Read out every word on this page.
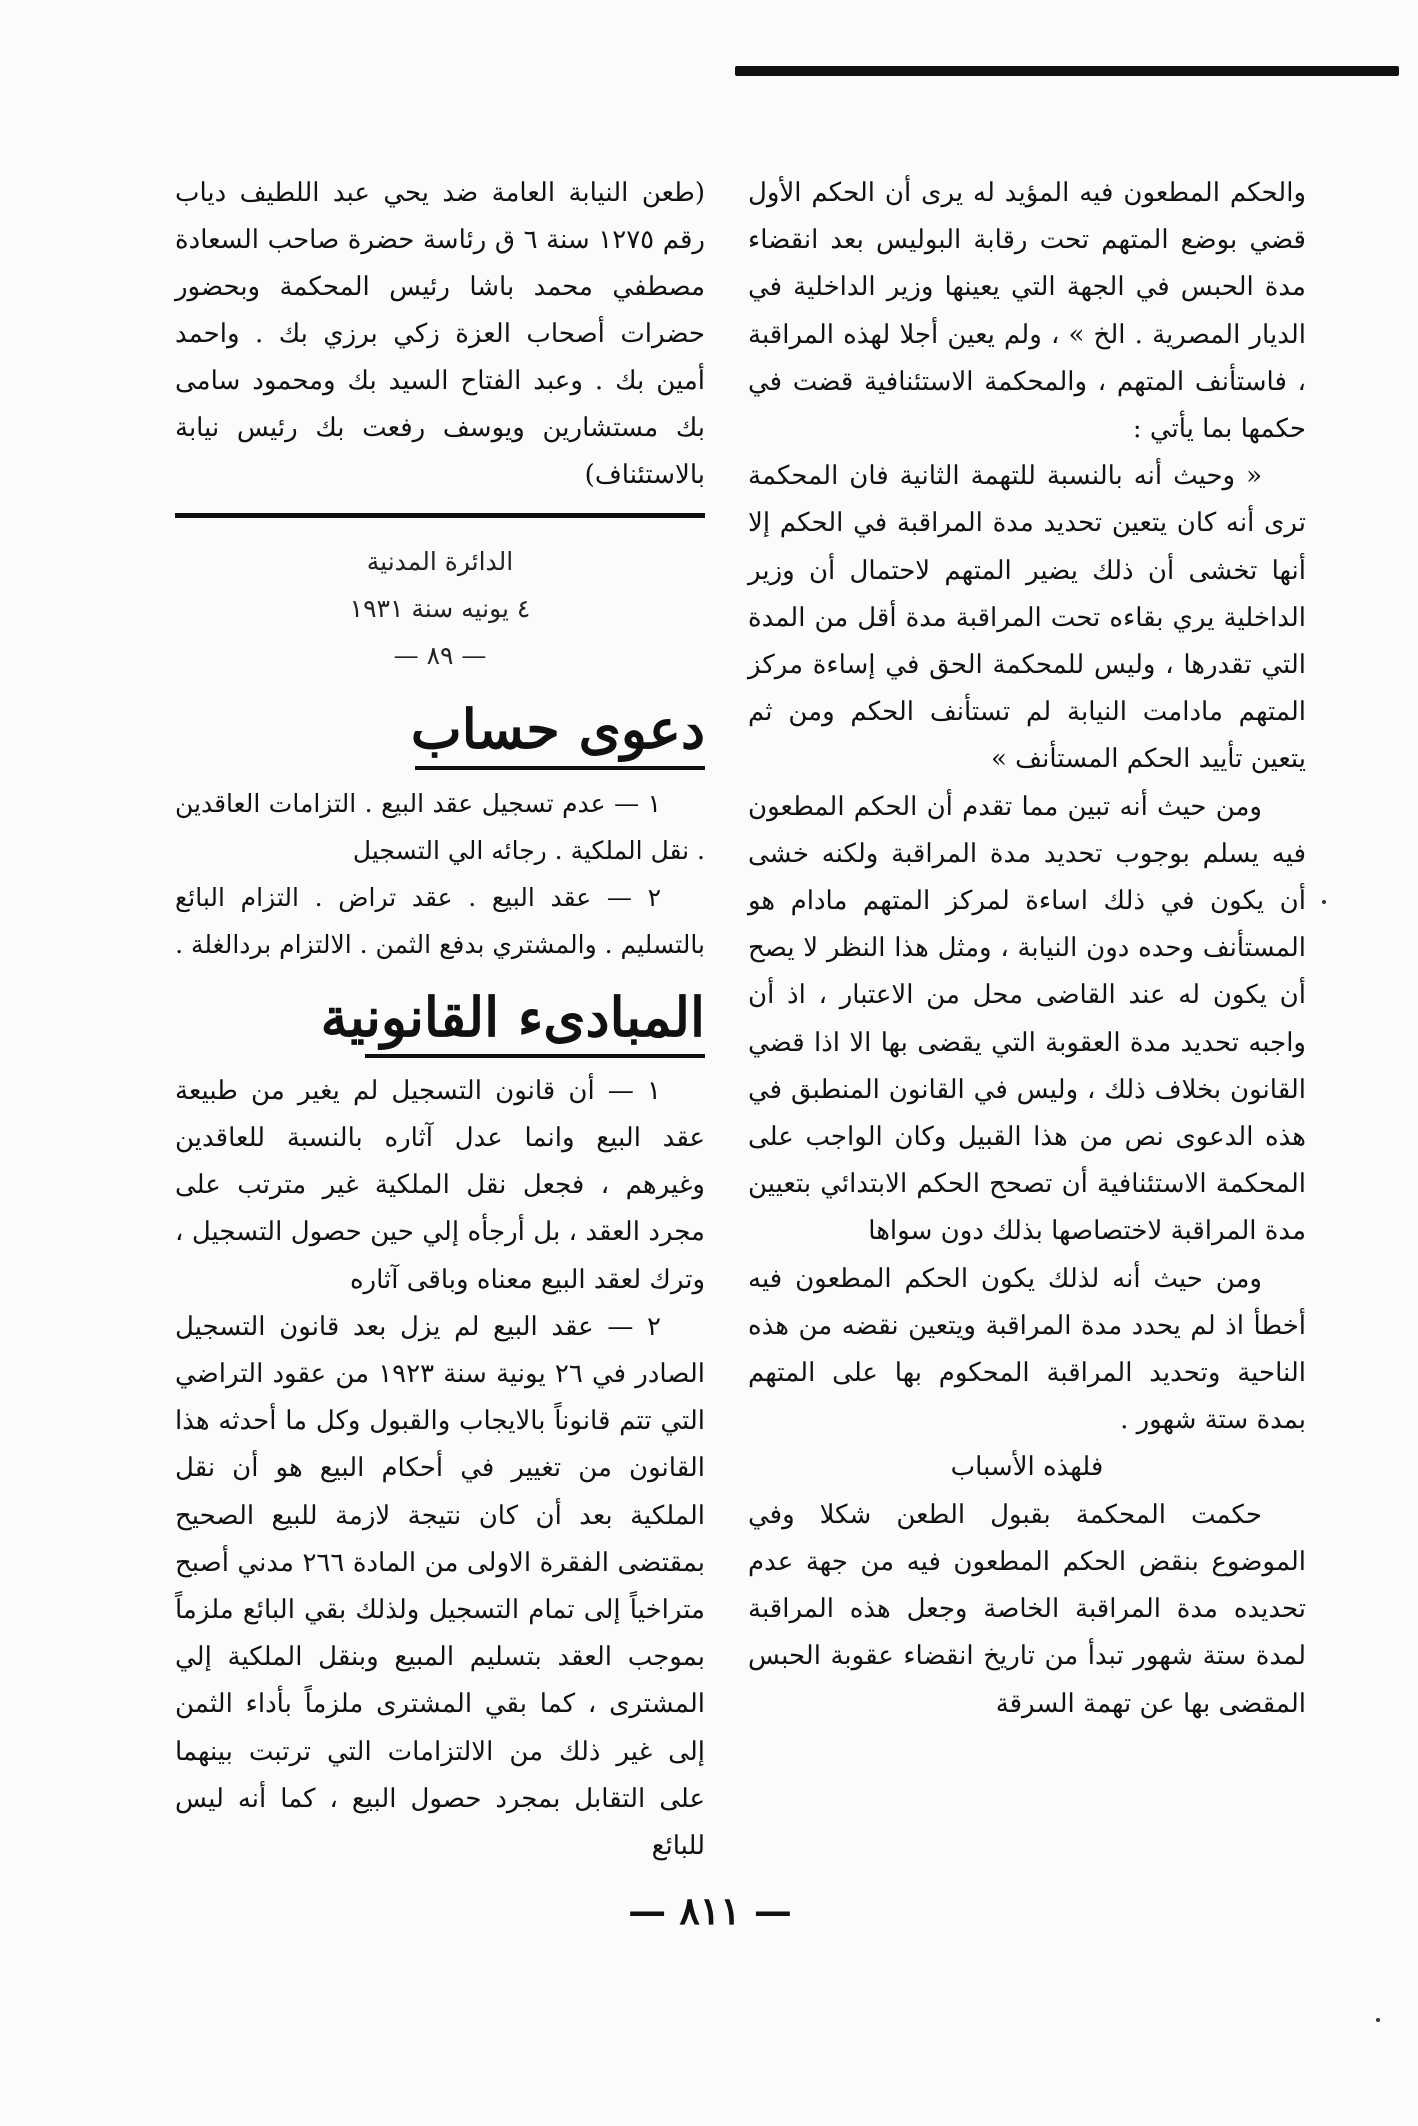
والحكم المطعون فيه المؤيد له يرى أن الحكم الأول قضي بوضع المتهم تحت رقابة البوليس بعد انقضاء مدة الحبس في الجهة التي يعينها وزير الداخلية في الديار المصرية . الخ » ، ولم يعين أجلا لهذه المراقبة ، فاستأنف المتهم ، والمحكمة الاستئنافية قضت في حكمها بما يأتي :

« وحيث أنه بالنسبة للتهمة الثانية فان المحكمة ترى أنه كان يتعين تحديد مدة المراقبة في الحكم إلا أنها تخشى أن ذلك يضير المتهم لاحتمال أن وزير الداخلية يري بقاءه تحت المراقبة مدة أقل من المدة التي تقدرها ، وليس للمحكمة الحق في إساءة مركز المتهم مادامت النيابة لم تستأنف الحكم ومن ثم يتعين تأييد الحكم المستأنف »

ومن حيث أنه تبين مما تقدم أن الحكم المطعون فيه يسلم بوجوب تحديد مدة المراقبة ولكنه خشى أن يكون في ذلك اساءة لمركز المتهم مادام هو المستأنف وحده دون النيابة ، ومثل هذا النظر لا يصح أن يكون له عند القاضى محل من الاعتبار ، اذ أن واجبه تحديد مدة العقوبة التي يقضى بها الا اذا قضي القانون بخلاف ذلك ، وليس في القانون المنطبق في هذه الدعوى نص من هذا القبيل وكان الواجب على المحكمة الاستئنافية أن تصحح الحكم الابتدائي بتعيين مدة المراقبة لاختصاصها بذلك دون سواها

ومن حيث أنه لذلك يكون الحكم المطعون فيه أخطأ اذ لم يحدد مدة المراقبة ويتعين نقضه من هذه الناحية وتحديد المراقبة المحكوم بها على المتهم بمدة ستة شهور .

فلهذه الأسباب

حكمت المحكمة بقبول الطعن شكلا وفي الموضوع بنقض الحكم المطعون فيه من جهة عدم تحديده مدة المراقبة الخاصة وجعل هذه المراقبة لمدة ستة شهور تبدأ من تاريخ انقضاء عقوبة الحبس المقضى بها عن تهمة السرقة

(طعن النيابة العامة ضد يحي عبد اللطيف دياب رقم ١٢٧٥ سنة ٦ ق رئاسة حضرة صاحب السعادة مصطفي محمد باشا رئيس المحكمة وبحضور حضرات أصحاب العزة زكي برزي بك . واحمد أمين بك . وعبد الفتاح السيد بك ومحمود سامى بك مستشارين ويوسف رفعت بك رئيس نيابة بالاستئناف)

الدائرة المدنية

٤ يونيه سنة ١٩٣١

— ٨٩ —

دعوى حساب

١ — عدم تسجيل عقد البيع . التزامات العاقدين . نقل الملكية . رجائه الي التسجيل

٢ — عقد البيع . عقد تراض . التزام البائع بالتسليم . والمشتري بدفع الثمن . الالتزام بردالغلة .

المبادىء القانونية

١ — أن قانون التسجيل لم يغير من طبيعة عقد البيع وانما عدل آثاره بالنسبة للعاقدين وغيرهم ، فجعل نقل الملكية غير مترتب على مجرد العقد ، بل أرجأه إلي حين حصول التسجيل ، وترك لعقد البيع معناه وباقى آثاره

٢ — عقد البيع لم يزل بعد قانون التسجيل الصادر في ٢٦ يونية سنة ١٩٢٣ من عقود التراضي التي تتم قانوناً بالايجاب والقبول وكل ما أحدثه هذا القانون من تغيير في أحكام البيع هو أن نقل الملكية بعد أن كان نتيجة لازمة للبيع الصحيح بمقتضى الفقرة الاولى من المادة ٢٦٦ مدني أصبح متراخياً إلى تمام التسجيل ولذلك بقي البائع ملزماً بموجب العقد بتسليم المبيع وبنقل الملكية إلي المشترى ، كما بقي المشترى ملزماً بأداء الثمن إلى غير ذلك من الالتزامات التي ترتبت بينهما على التقابل بمجرد حصول البيع ، كما أنه ليس للبائع

— ٨١١ —
